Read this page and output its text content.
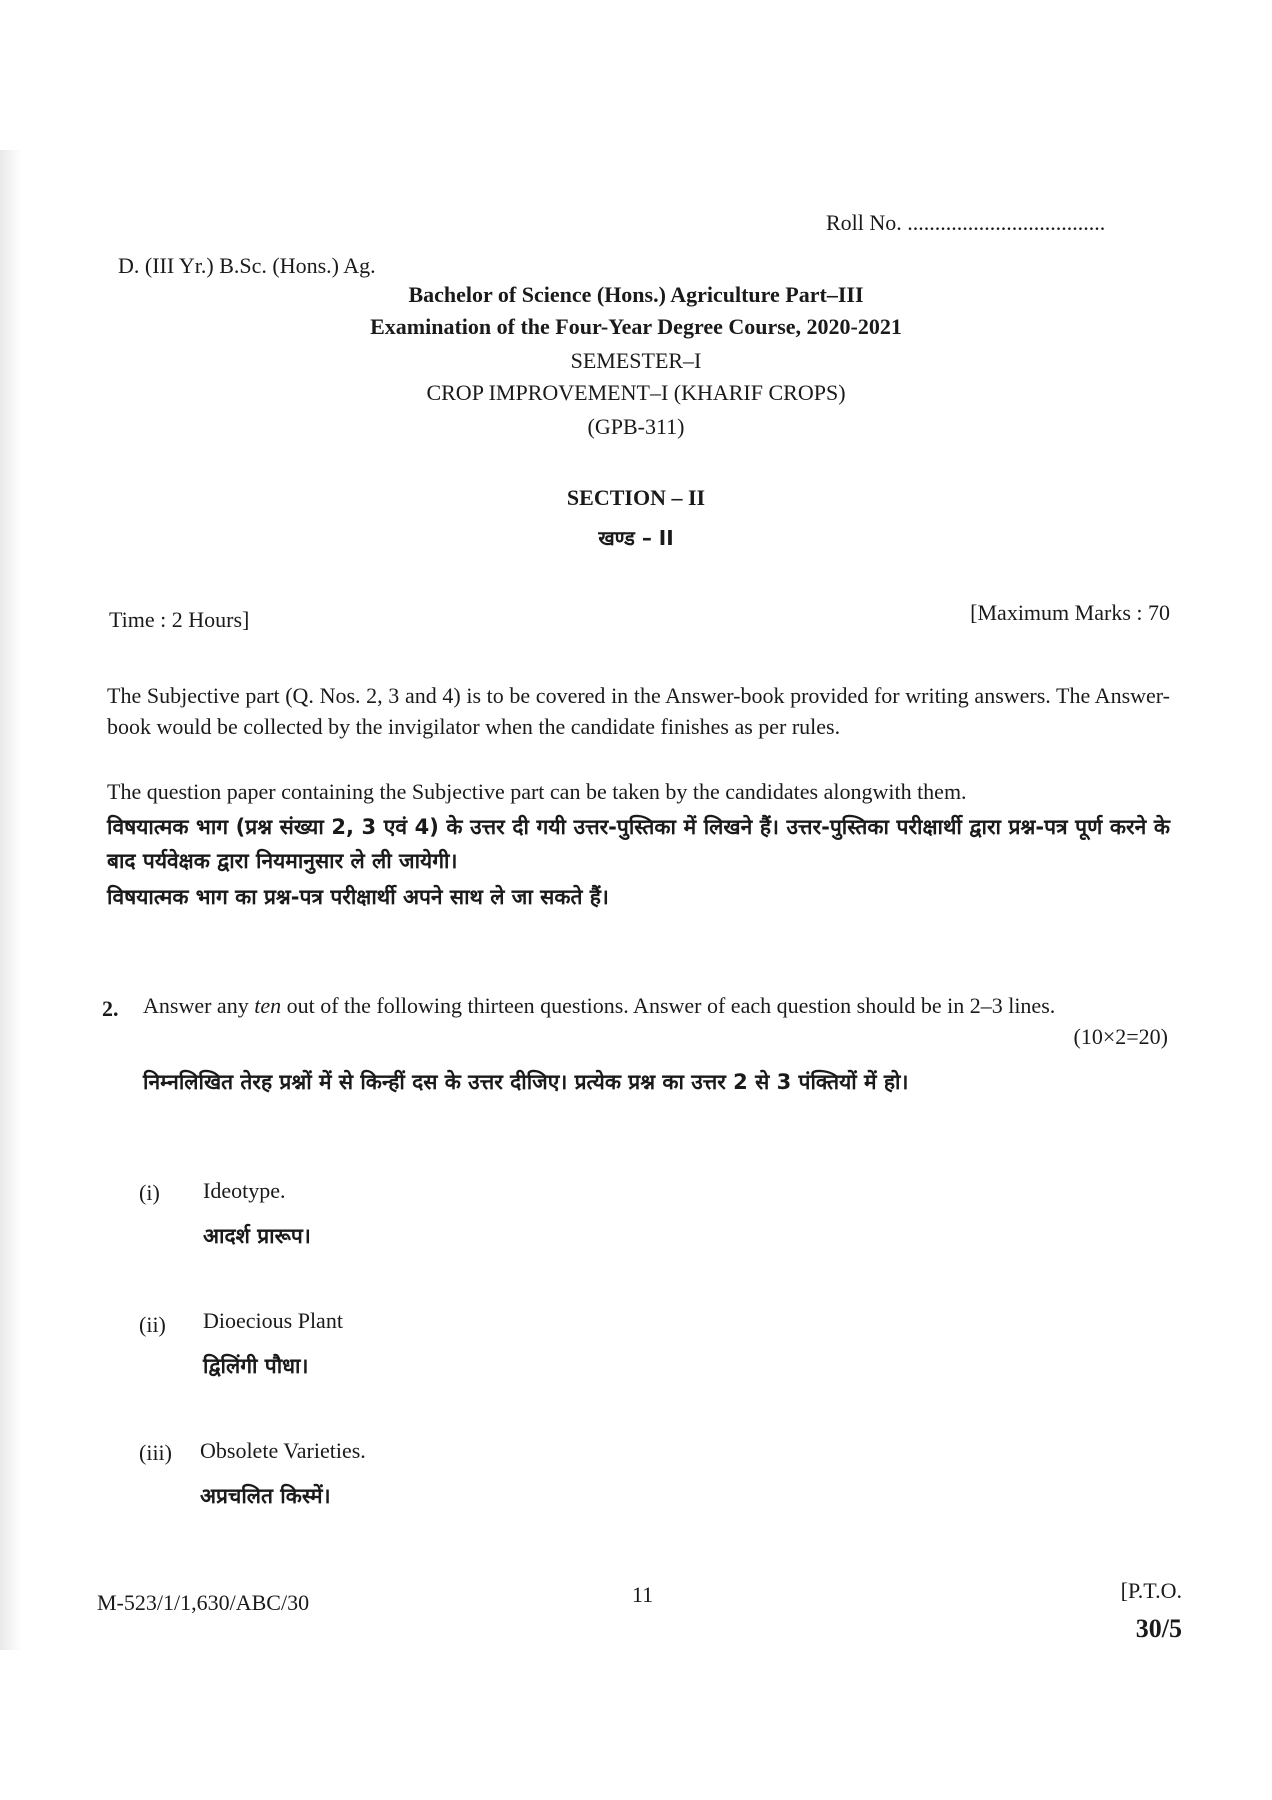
Roll No. ....................................
D. (III Yr.) B.Sc. (Hons.) Ag.
Bachelor of Science (Hons.) Agriculture Part–III
Examination of the Four-Year Degree Course, 2020-2021
SEMESTER–I
CROP IMPROVEMENT–I (KHARIF CROPS)
(GPB-311)
SECTION – II
खण्ड – II
Time : 2 Hours]	[Maximum Marks : 70
The Subjective part (Q. Nos. 2, 3 and 4) is to be covered in the Answer-book provided for writing answers. The Answer-book would be collected by the invigilator when the candidate finishes as per rules.
The question paper containing the Subjective part can be taken by the candidates alongwith them.
विषयात्मक भाग (प्रश्न संख्या 2, 3 एवं 4) के उत्तर दी गयी उत्तर-पुस्तिका में लिखने हैं। उत्तर-पुस्तिका परीक्षार्थी द्वारा प्रश्न-पत्र पूर्ण करने के बाद पर्यवेक्षक द्वारा नियमानुसार ले ली जायेगी।
विषयात्मक भाग का प्रश्न-पत्र परीक्षार्थी अपने साथ ले जा सकते हैं।
2. Answer any ten out of the following thirteen questions. Answer of each question should be in 2–3 lines.
(10×2=20)
निम्नलिखित तेरह प्रश्नों में से किन्हीं दस के उत्तर दीजिए। प्रत्येक प्रश्न का उत्तर 2 से 3 पंक्तियों में हो।
(i) Ideotype.
आदर्श प्रारूप।
(ii) Dioecious Plant
द्विलिंगी पौधा।
(iii) Obsolete Varieties.
अप्रचलित किस्में।
M-523/1/1,630/ABC/30	11	[P.T.O.
30/5
